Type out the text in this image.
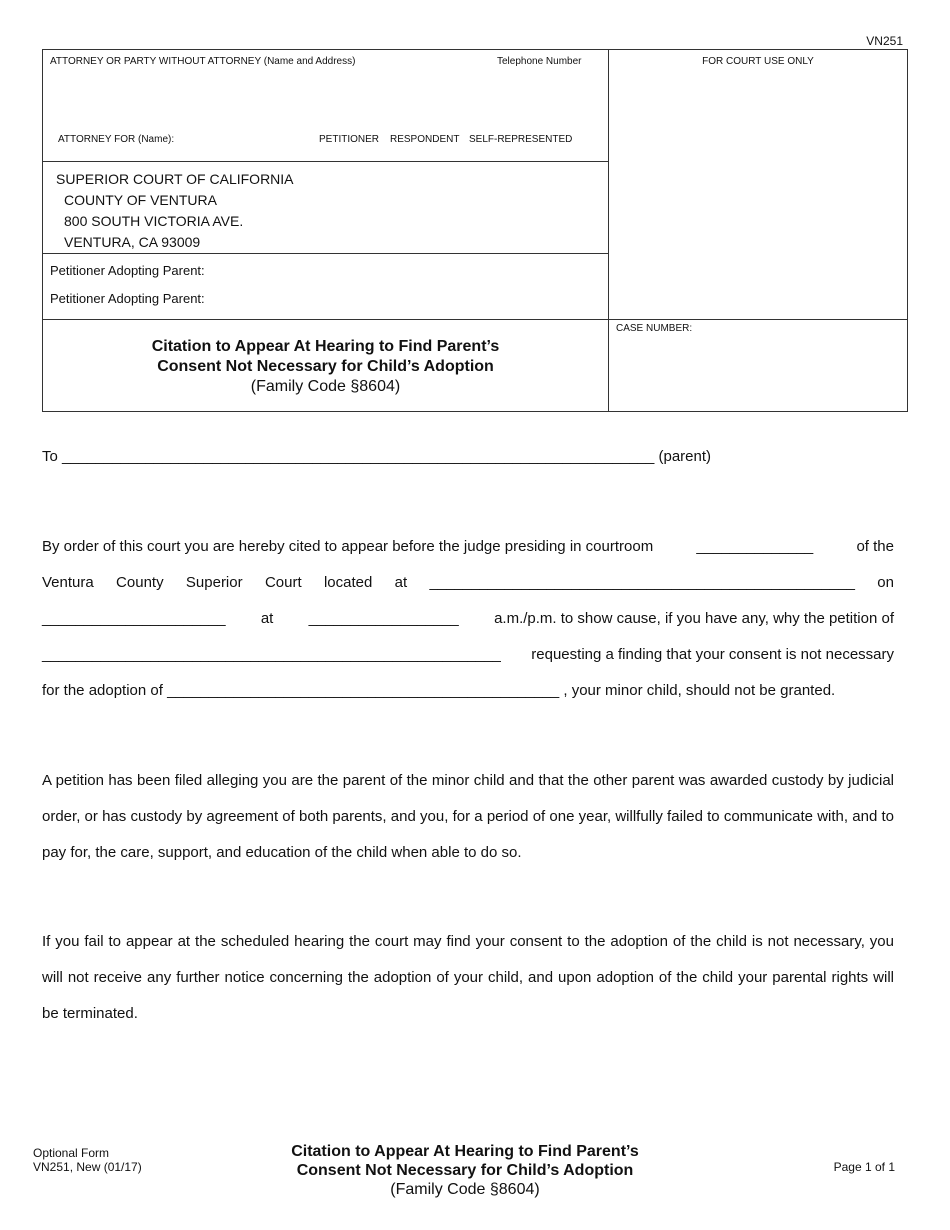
VN251
ATTORNEY OR PARTY WITHOUT ATTORNEY (Name and Address)	Telephone Number	FOR COURT USE ONLY
ATTORNEY FOR (Name):	PETITIONER RESPONDENT SELF-REPRESENTED
SUPERIOR COURT OF CALIFORNIA
COUNTY OF VENTURA
800 SOUTH VICTORIA AVE.
VENTURA, CA 93009
Petitioner Adopting Parent:
Petitioner Adopting Parent:
Citation to Appear At Hearing to Find Parent’s
Consent Not Necessary for Child’s Adoption
(Family Code §8604)
CASE NUMBER:
To _______________________________________________________________________ (parent)
By order of this court you are hereby cited to appear before the judge presiding in courtroom	______________	of the
Ventura County Superior Court located at ___________________________________________________ on
______________________ at __________________ a.m./p.m. to show cause, if you have any, why the petition of
_______________________________________________________ requesting a finding that your consent is not necessary
for the adoption of _______________________________________________ , your minor child, should not be granted.
A petition has been filed alleging you are the parent of the minor child and that the other parent was awarded custody by judicial order, or has custody by agreement of both parents, and you, for a period of one year, willfully failed to communicate with, and to pay for, the care, support, and education of the child when able to do so.
If you fail to appear at the scheduled hearing the court may find your consent to the adoption of the child is not necessary, you will not receive any further notice concerning the adoption of your child, and upon adoption of the child your parental rights will be terminated.
Optional Form
VN251, New (01/17)
Citation to Appear At Hearing to Find Parent’s
Consent Not Necessary for Child’s Adoption
(Family Code §8604)
Page 1 of 1
